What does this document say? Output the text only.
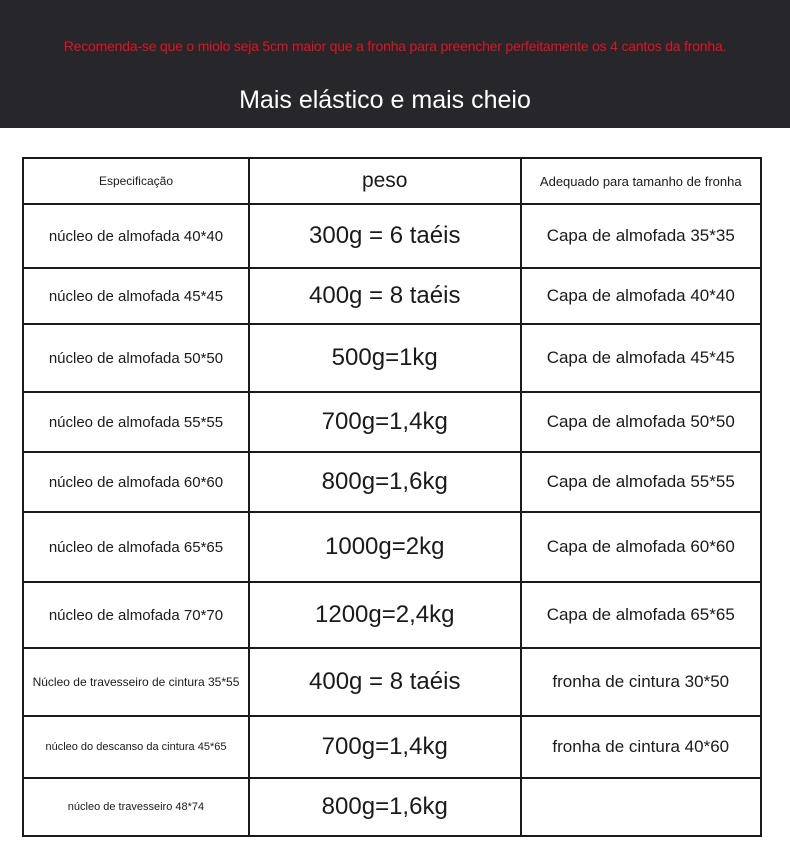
Recomenda-se que o miolo seja 5cm maior que a fronha para preencher perfeitamente os 4 cantos da fronha.
Mais elástico e mais cheio
Especificação	peso	Adequado para tamanho de fronha
núcleo de almofada 40*40	300g = 6 taéis	Capa de almofada 35*35
núcleo de almofada 45*45	400g = 8 taéis	Capa de almofada 40*40
núcleo de almofada 50*50	500g=1kg	Capa de almofada 45*45
núcleo de almofada 55*55	700g=1,4kg	Capa de almofada 50*50
núcleo de almofada 60*60	800g=1,6kg	Capa de almofada 55*55
núcleo de almofada 65*65	1000g=2kg	Capa de almofada 60*60
núcleo de almofada 70*70	1200g=2,4kg	Capa de almofada 65*65
Núcleo de travesseiro de cintura 35*55	400g = 8 taéis	fronha de cintura 30*50
núcleo do descanso da cintura 45*65	700g=1,4kg	fronha de cintura 40*60
núcleo de travesseiro 48*74	800g=1,6kg	
